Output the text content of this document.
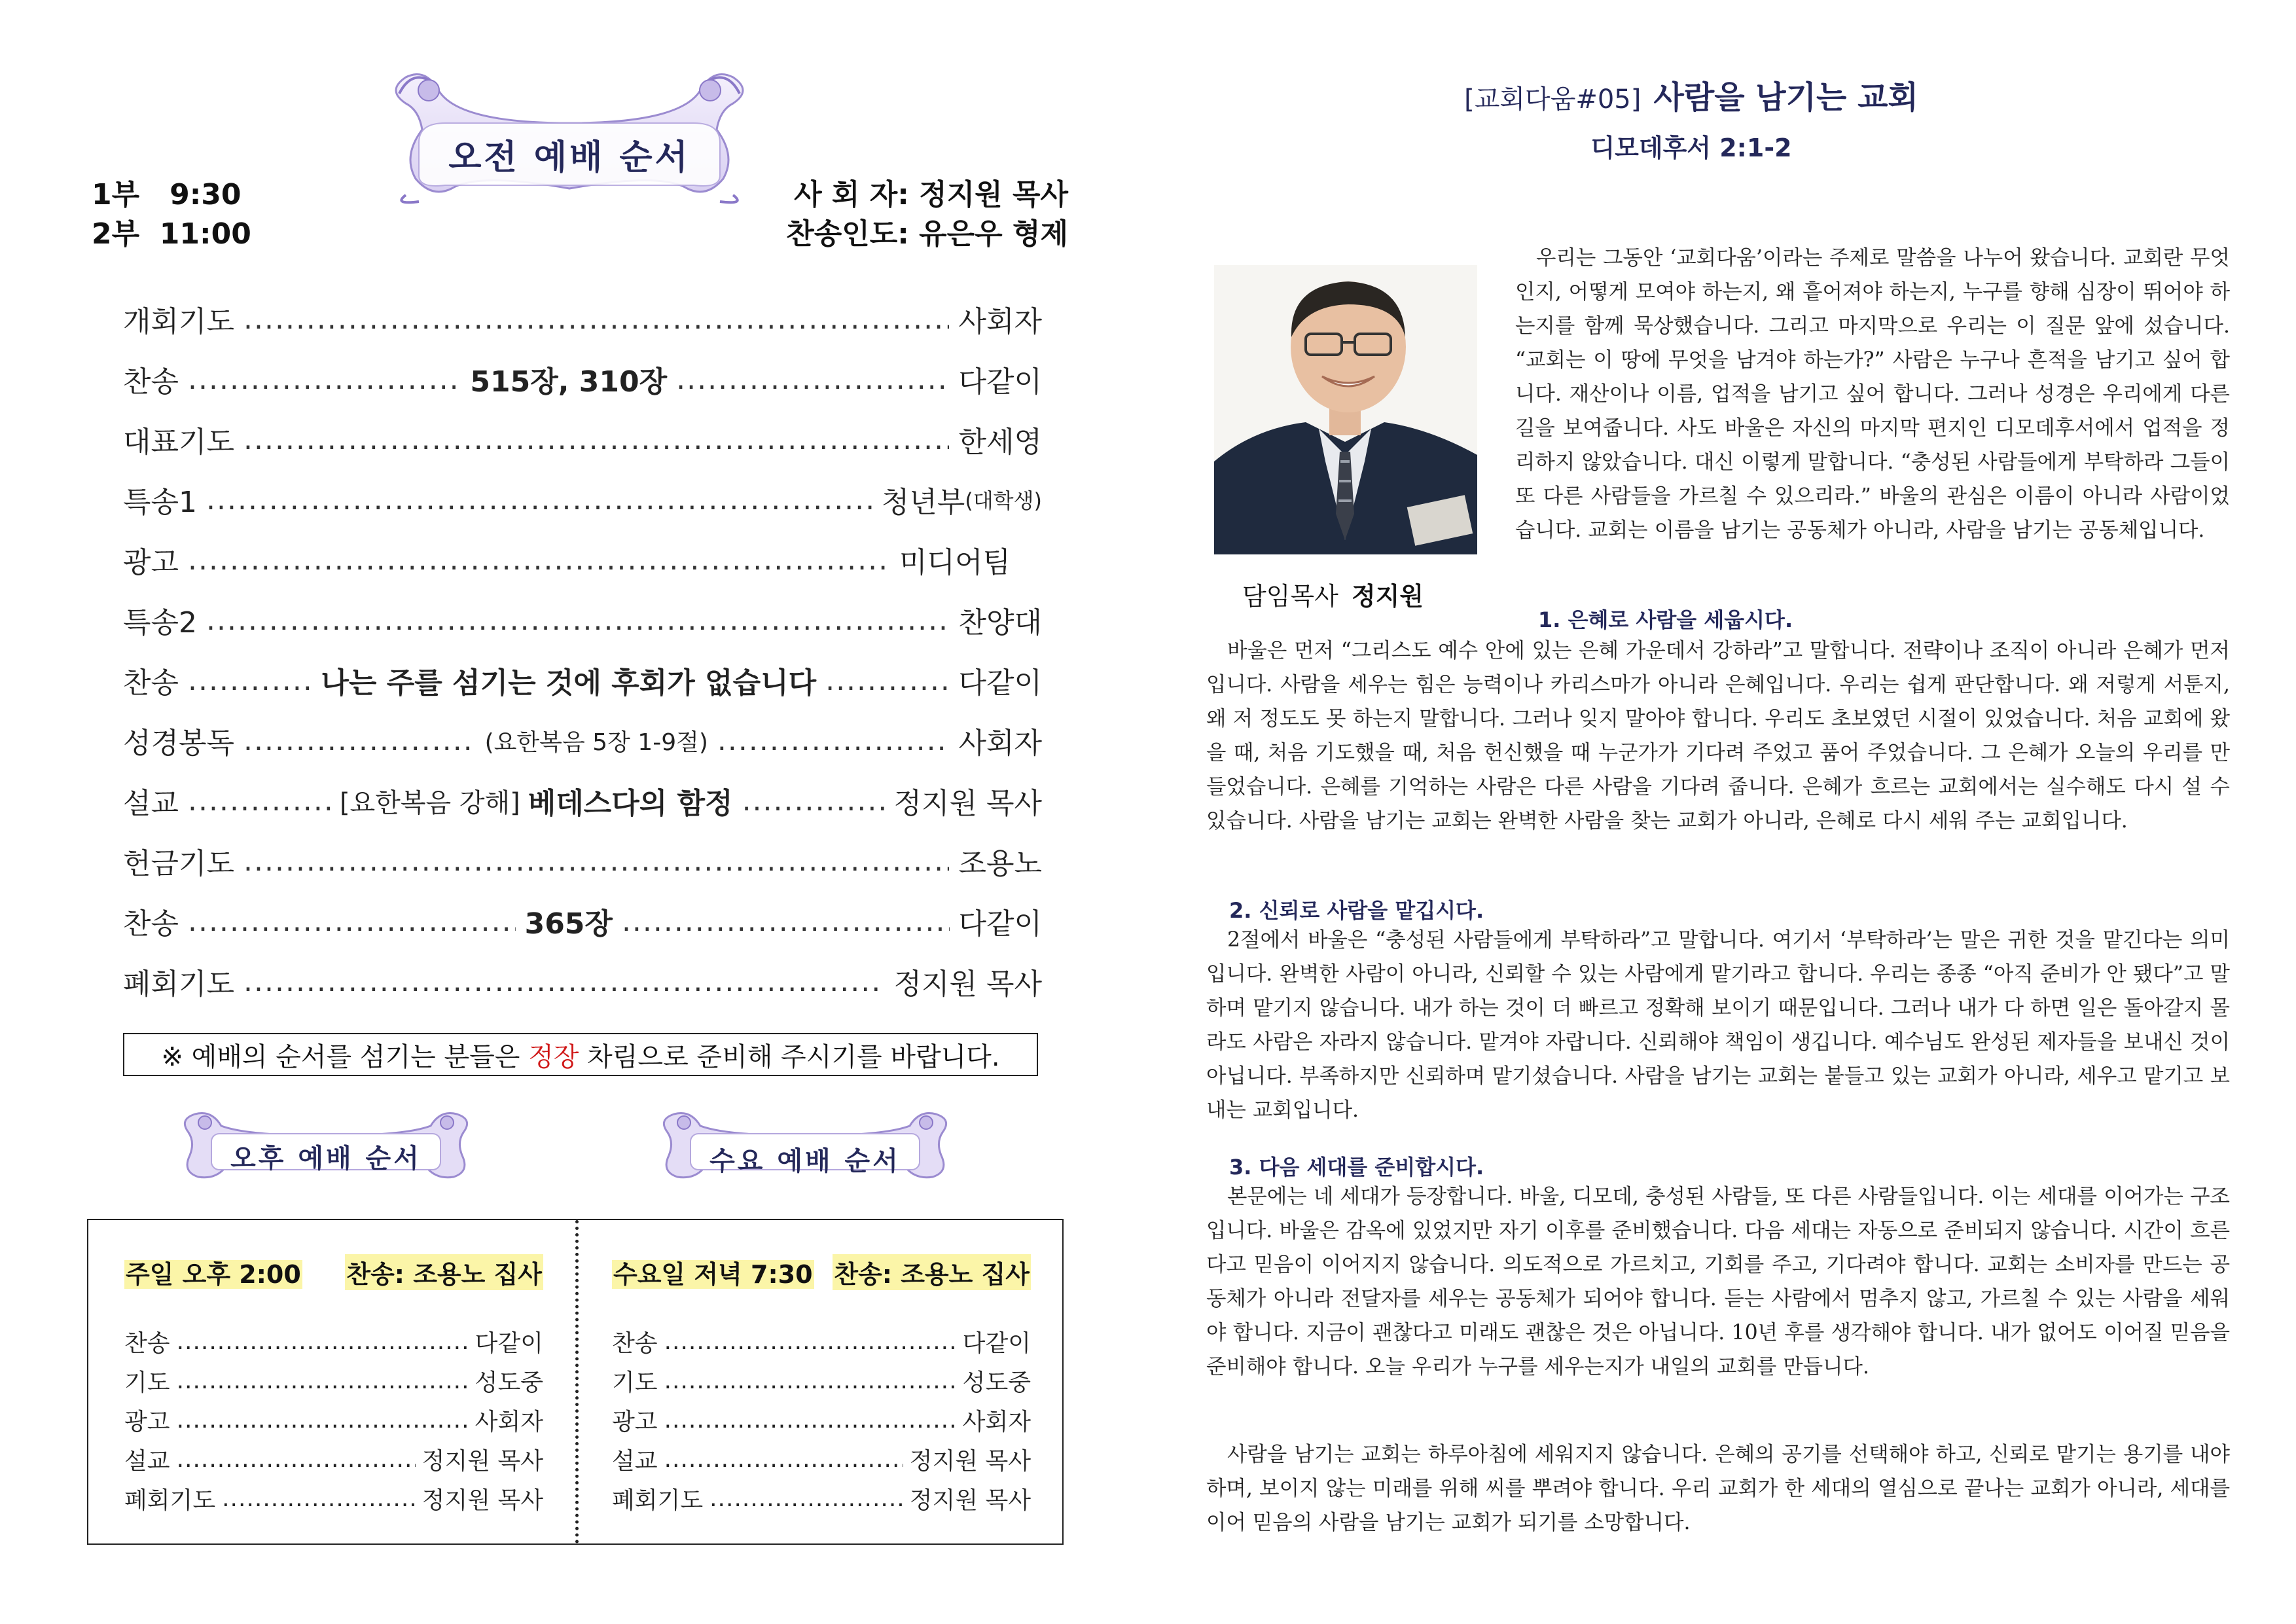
오전 예배 순서
1부   9:30
2부  11:00
사 회 자: 정지원 목사
찬송인도: 유은우 형제
개회기도 .....	사회자
찬송 .....	515장, 310장 .....	다같이
대표기도 .....	한세영
특송1 .....	청년부 (대학생)
광고 .....	미디어팀
특송2 .....	찬양대
찬송 .....	나는 주를 섬기는 것에 후회가 없습니다 .....	다같이
성경봉독 .....	(요한복음 5장 1-9절) .....	사회자
설교 .....	[요한복음 강해] 베데스다의 함정 .....	정지원 목사
헌금기도 .....	조용노
찬송 .....	365장 .....	다같이
폐회기도 .....	정지원 목사
※ 예배의 순서를 섬기는 분들은 정장 차림으로 준비해 주시기를 바랍니다.
오후 예배 순서	수요 예배 순서
주일 오후 2:00 찬송: 조용노 집사
찬송 .....	다같이
기도 .....	성도중
광고 .....	사회자
설교 .....	정지원 목사
폐회기도 .....	정지원 목사
수요일 저녁 7:30 찬송: 조용노 집사
찬송 .....	다같이
기도 .....	성도중
광고 .....	사회자
설교 .....	정지원 목사
폐회기도 .....	정지원 목사
[교회다움#05] 사람을 남기는 교회
디모데후서 2:1-2
담임목사 정지원
우리는 그동안 ‘교회다움’이라는 주제로 말씀을 나누어 왔습니다. 교회란 무엇인지, 어떻게 모여야 하는지, 왜 흩어져야 하는지, 누구를 향해 심장이 뛰어야 하는지를 함께 묵상했습니다. 그리고 마지막으로 우리는 이 질문 앞에 섰습니다. “교회는 이 땅에 무엇을 남겨야 하는가?” 사람은 누구나 흔적을 남기고 싶어 합니다. 재산이나 이름, 업적을 남기고 싶어 합니다. 그러나 성경은 우리에게 다른 길을 보여줍니다. 사도 바울은 자신의 마지막 편지인 디모데후서에서 업적을 정리하지 않았습니다. 대신 이렇게 말합니다. “충성된 사람들에게 부탁하라 그들이 또 다른 사람들을 가르칠 수 있으리라.” 바울의 관심은 이름이 아니라 사람이었습니다. 교회는 이름을 남기는 공동체가 아니라, 사람을 남기는 공동체입니다.
1. 은혜로 사람을 세웁시다.
바울은 먼저 “그리스도 예수 안에 있는 은혜 가운데서 강하라”고 말합니다. 전략이나 조직이 아니라 은혜가 먼저입니다. 사람을 세우는 힘은 능력이나 카리스마가 아니라 은혜입니다. 우리는 쉽게 판단합니다. 왜 저렇게 서툰지, 왜 저 정도도 못 하는지 말합니다. 그러나 잊지 말아야 합니다. 우리도 초보였던 시절이 있었습니다. 처음 교회에 왔을 때, 처음 기도했을 때, 처음 헌신했을 때 누군가가 기다려 주었고 품어 주었습니다. 그 은혜가 오늘의 우리를 만들었습니다. 은혜를 기억하는 사람은 다른 사람을 기다려 줍니다. 은혜가 흐르는 교회에서는 실수해도 다시 설 수 있습니다. 사람을 남기는 교회는 완벽한 사람을 찾는 교회가 아니라, 은혜로 다시 세워 주는 교회입니다.
2. 신뢰로 사람을 맡깁시다.
2절에서 바울은 “충성된 사람들에게 부탁하라”고 말합니다. 여기서 ‘부탁하라’는 말은 귀한 것을 맡긴다는 의미입니다. 완벽한 사람이 아니라, 신뢰할 수 있는 사람에게 맡기라고 합니다. 우리는 종종 “아직 준비가 안 됐다”고 말하며 맡기지 않습니다. 내가 하는 것이 더 빠르고 정확해 보이기 때문입니다. 그러나 내가 다 하면 일은 돌아갈지 몰라도 사람은 자라지 않습니다. 맡겨야 자랍니다. 신뢰해야 책임이 생깁니다. 예수님도 완성된 제자들을 보내신 것이 아닙니다. 부족하지만 신뢰하며 맡기셨습니다. 사람을 남기는 교회는 붙들고 있는 교회가 아니라, 세우고 맡기고 보내는 교회입니다.
3. 다음 세대를 준비합시다.
본문에는 네 세대가 등장합니다. 바울, 디모데, 충성된 사람들, 또 다른 사람들입니다. 이는 세대를 이어가는 구조입니다. 바울은 감옥에 있었지만 자기 이후를 준비했습니다. 다음 세대는 자동으로 준비되지 않습니다. 시간이 흐른다고 믿음이 이어지지 않습니다. 의도적으로 가르치고, 기회를 주고, 기다려야 합니다. 교회는 소비자를 만드는 공동체가 아니라 전달자를 세우는 공동체가 되어야 합니다. 듣는 사람에서 멈추지 않고, 가르칠 수 있는 사람을 세워야 합니다. 지금이 괜찮다고 미래도 괜찮은 것은 아닙니다. 10년 후를 생각해야 합니다. 내가 없어도 이어질 믿음을 준비해야 합니다. 오늘 우리가 누구를 세우는지가 내일의 교회를 만듭니다.
사람을 남기는 교회는 하루아침에 세워지지 않습니다. 은혜의 공기를 선택해야 하고, 신뢰로 맡기는 용기를 내야하며, 보이지 않는 미래를 위해 씨를 뿌려야 합니다. 우리 교회가 한 세대의 열심으로 끝나는 교회가 아니라, 세대를 이어 믿음의 사람을 남기는 교회가 되기를 소망합니다.
